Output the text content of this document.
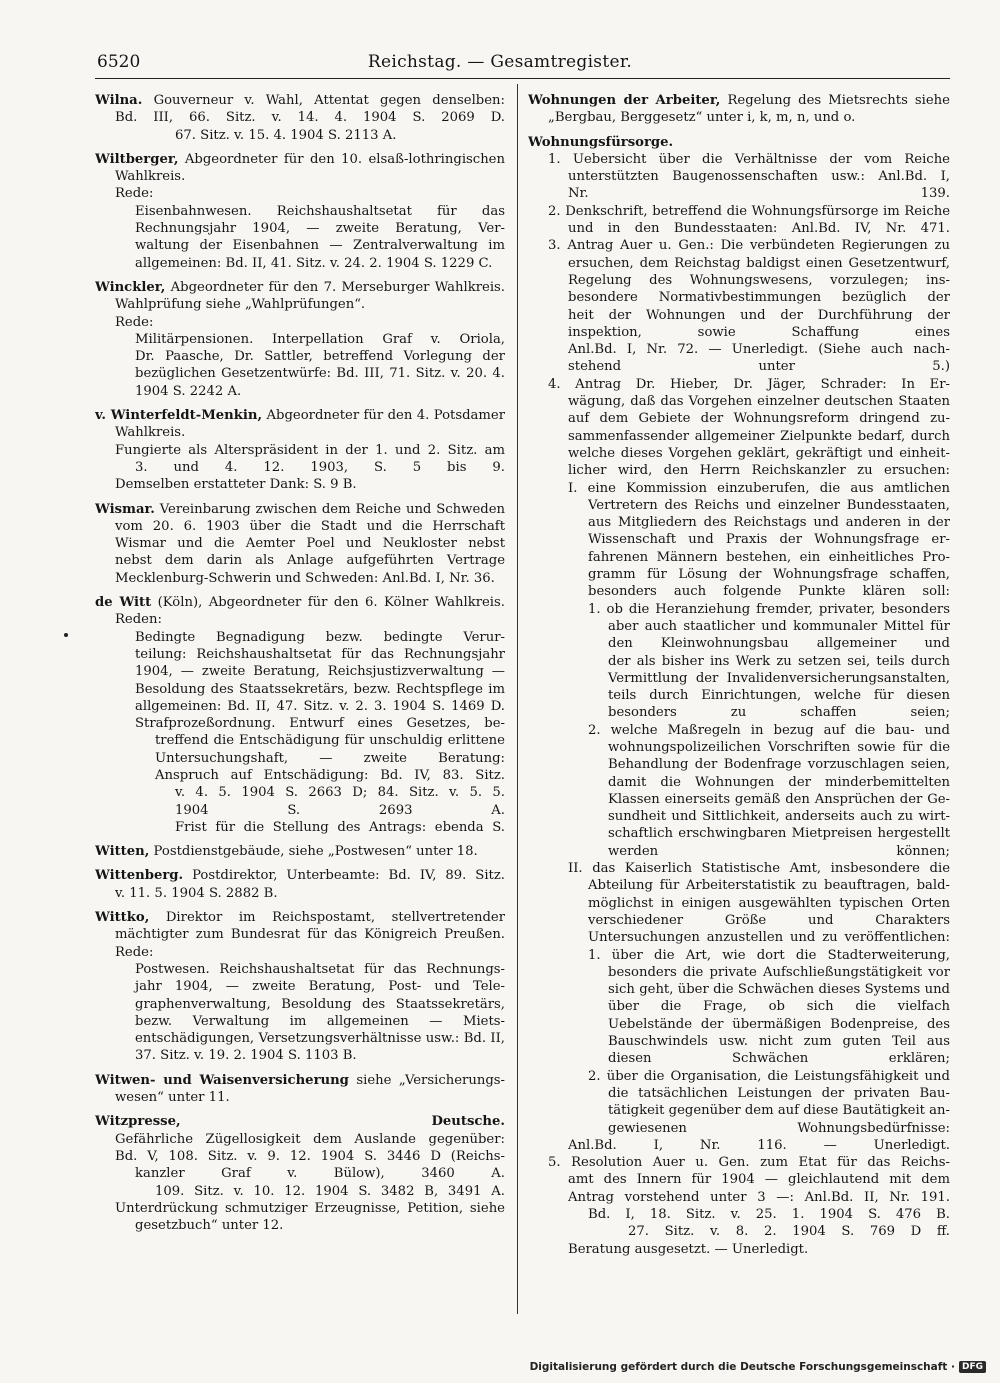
6520	Reichstag. — Gesamtregister.
Wilna. Gouverneur v. Wahl, Attentat gegen denselben:
Bd. III, 66. Sitz. v. 14. 4. 1904 S. 2069 D.
67. Sitz. v. 15. 4. 1904 S. 2113 A.
Wiltberger, Abgeordneter für den 10. elsaß-lothringischen
Wahlkreis.
Rede:
Eisenbahnwesen. Reichshaushaltsetat für das
Rechnungsjahr 1904, — zweite Beratung, Ver-
waltung der Eisenbahnen — Zentralverwaltung im
allgemeinen: Bd. II, 41. Sitz. v. 24. 2. 1904 S. 1229 C.
Winckler, Abgeordneter für den 7. Merseburger Wahlkreis.
Wahlprüfung siehe „Wahlprüfungen“.
Rede:
Militärpensionen. Interpellation Graf v. Oriola,
Dr. Paasche, Dr. Sattler, betreffend Vorlegung der
bezüglichen Gesetzentwürfe: Bd. III, 71. Sitz. v. 20. 4.
1904 S. 2242 A.
v. Winterfeldt-Menkin, Abgeordneter für den 4. Potsdamer
Wahlkreis.
Fungierte als Alterspräsident in der 1. und 2. Sitz. am
3. und 4. 12. 1903, S. 5 bis 9.
Demselben erstatteter Dank: S. 9 B.
Wismar. Vereinbarung zwischen dem Reiche und Schweden
vom 20. 6. 1903 über die Stadt und die Herrschaft
Wismar und die Aemter Poel und Neukloster nebst
nebst dem darin als Anlage aufgeführten Vertrage
Mecklenburg-Schwerin und Schweden: Anl.Bd. I, Nr. 36.
de Witt (Köln), Abgeordneter für den 6. Kölner Wahlkreis.
Reden:
Bedingte Begnadigung bezw. bedingte Verur-
teilung: Reichshaushaltsetat für das Rechnungsjahr
1904, — zweite Beratung, Reichsjustizverwaltung —
Besoldung des Staatssekretärs, bezw. Rechtspflege im
allgemeinen: Bd. II, 47. Sitz. v. 2. 3. 1904 S. 1469 D.
Strafprozeßordnung. Entwurf eines Gesetzes, be-
treffend die Entschädigung für unschuldig erlittene
Untersuchungshaft, — zweite Beratung:
Anspruch auf Entschädigung: Bd. IV, 83. Sitz.
v. 4. 5. 1904 S. 2663 D; 84. Sitz. v. 5. 5.
1904 S. 2693 A.
Frist für die Stellung des Antrags: ebenda S.
Witten, Postdienstgebäude, siehe „Postwesen“ unter 18.
Wittenberg. Postdirektor, Unterbeamte: Bd. IV, 89. Sitz.
v. 11. 5. 1904 S. 2882 B.
Wittko, Direktor im Reichspostamt, stellvertretender
mächtigter zum Bundesrat für das Königreich Preußen.
Rede:
Postwesen. Reichshaushaltsetat für das Rechnungs-
jahr 1904, — zweite Beratung, Post- und Tele-
graphenverwaltung, Besoldung des Staatssekretärs,
bezw. Verwaltung im allgemeinen — Miets-
entschädigungen, Versetzungsverhältnisse usw.: Bd. II,
37. Sitz. v. 19. 2. 1904 S. 1103 B.
Witwen- und Waisenversicherung siehe „Versicherungs-
wesen“ unter 11.
Witzpresse, Deutsche.
Gefährliche Zügellosigkeit dem Auslande gegenüber:
Bd. V, 108. Sitz. v. 9. 12. 1904 S. 3446 D (Reichs-
kanzler Graf v. Bülow), 3460 A.
109. Sitz. v. 10. 12. 1904 S. 3482 B, 3491 A.
Unterdrückung schmutziger Erzeugnisse, Petition, siehe
gesetzbuch“ unter 12.
Wohnungen der Arbeiter, Regelung des Mietsrechts siehe
„Bergbau, Berggesetz“ unter i, k, m, n, und o.
Wohnungsfürsorge.
1. Uebersicht über die Verhältnisse der vom Reiche
unterstützten Baugenossenschaften usw.: Anl.Bd. I,
Nr. 139.
2. Denkschrift, betreffend die Wohnungsfürsorge im Reiche
und in den Bundesstaaten: Anl.Bd. IV, Nr. 471.
3. Antrag Auer u. Gen.: Die verbündeten Regierungen zu
ersuchen, dem Reichstag baldigst einen Gesetzentwurf,
Regelung des Wohnungswesens, vorzulegen; ins-
besondere Normativbestimmungen bezüglich der
heit der Wohnungen und der Durchführung der
inspektion, sowie Schaffung eines
Anl.Bd. I, Nr. 72. — Unerledigt. (Siehe auch nach-
stehend unter 5.)
4. Antrag Dr. Hieber, Dr. Jäger, Schrader: In Er-
wägung, daß das Vorgehen einzelner deutschen Staaten
auf dem Gebiete der Wohnungsreform dringend zu-
sammenfassender allgemeiner Zielpunkte bedarf, durch
welche dieses Vorgehen geklärt, gekräftigt und einheit-
licher wird, den Herrn Reichskanzler zu ersuchen:
I. eine Kommission einzuberufen, die aus amtlichen
Vertretern des Reichs und einzelner Bundesstaaten,
aus Mitgliedern des Reichstags und anderen in der
Wissenschaft und Praxis der Wohnungsfrage er-
fahrenen Männern bestehen, ein einheitliches Pro-
gramm für Lösung der Wohnungsfrage schaffen,
besonders auch folgende Punkte klären soll:
1. ob die Heranziehung fremder, privater, besonders
aber auch staatlicher und kommunaler Mittel für
den Kleinwohnungsbau allgemeiner und
der als bisher ins Werk zu setzen sei, teils durch
Vermittlung der Invalidenversicherungsanstalten,
teils durch Einrichtungen, welche für diesen
besonders zu schaffen seien;
2. welche Maßregeln in bezug auf die bau- und
wohnungspolizeilichen Vorschriften sowie für die
Behandlung der Bodenfrage vorzuschlagen seien,
damit die Wohnungen der minderbemittelten
Klassen einerseits gemäß den Ansprüchen der Ge-
sundheit und Sittlichkeit, anderseits auch zu wirt-
schaftlich erschwingbaren Mietpreisen hergestellt
werden können;
II. das Kaiserlich Statistische Amt, insbesondere die
Abteilung für Arbeiterstatistik zu beauftragen, bald-
möglichst in einigen ausgewählten typischen Orten
verschiedener Größe und Charakters
Untersuchungen anzustellen und zu veröffentlichen:
1. über die Art, wie dort die Stadterweiterung,
besonders die private Aufschließungstätigkeit vor
sich geht, über die Schwächen dieses Systems und
über die Frage, ob sich die vielfach
Uebelstände der übermäßigen Bodenpreise, des
Bauschwindels usw. nicht zum guten Teil aus
diesen Schwächen erklären;
2. über die Organisation, die Leistungsfähigkeit und
die tatsächlichen Leistungen der privaten Bau-
tätigkeit gegenüber dem auf diese Bautätigkeit an-
gewiesenen Wohnungsbedürfnisse:
Anl.Bd. I, Nr. 116. — Unerledigt.
5. Resolution Auer u. Gen. zum Etat für das Reichs-
amt des Innern für 1904 — gleichlautend mit dem
Antrag vorstehend unter 3 —: Anl.Bd. II, Nr. 191.
Bd. I, 18. Sitz. v. 25. 1. 1904 S. 476 B.
27. Sitz. v. 8. 2. 1904 S. 769 D ff.
Beratung ausgesetzt. — Unerledigt.
Digitalisierung gefördert durch die Deutsche Forschungsgemeinschaft · DFG
